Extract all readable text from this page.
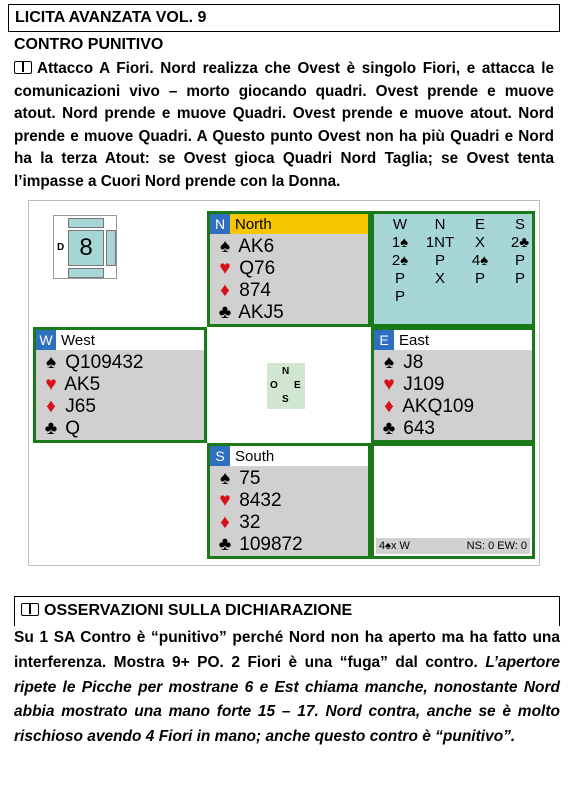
LICITA AVANZATA VOL. 9
CONTRO PUNITIVO
Attacco A Fiori. Nord realizza che Ovest è singolo Fiori, e attacca le comunicazioni vivo – morto giocando quadri. Ovest prende e muove atout. Nord prende e muove Quadri. Ovest prende e muove atout. Nord prende e muove Quadri. A Questo punto Ovest non ha più Quadri e Nord ha la terza Atout: se Ovest gioca Quadri Nord Taglia; se Ovest tenta l’impasse a Cuori Nord prende con la Donna.
D 8
N North
♠ AK6
♥ Q76
♦ 874
♣ AKJ5
W	N	E	S
1♠	1NT	X	2♣
2♠	P	4♠	P
P	X	P	P
P
W West
♠ Q109432
♥ AK5
♦ J65
♣ Q
N
O E
S
E East
♠ J8
♥ J109
♦ AKQ109
♣ 643
S South
♠ 75
♥ 8432
♦ 32
♣ 109872	4♠x W	NS: 0 EW: 0
OSSERVAZIONI SULLA DICHIARAZIONE
Su 1 SA Contro è “punitivo” perché Nord non ha aperto ma ha fatto una interferenza. Mostra 9+ PO. 2 Fiori è una “fuga” dal contro. L’apertore ripete le Picche per mostrane 6 e Est chiama manche, nonostante Nord abbia mostrato una mano forte 15 – 17. Nord contra, anche se è molto rischioso avendo 4 Fiori in mano; anche questo contro è “punitivo”.
